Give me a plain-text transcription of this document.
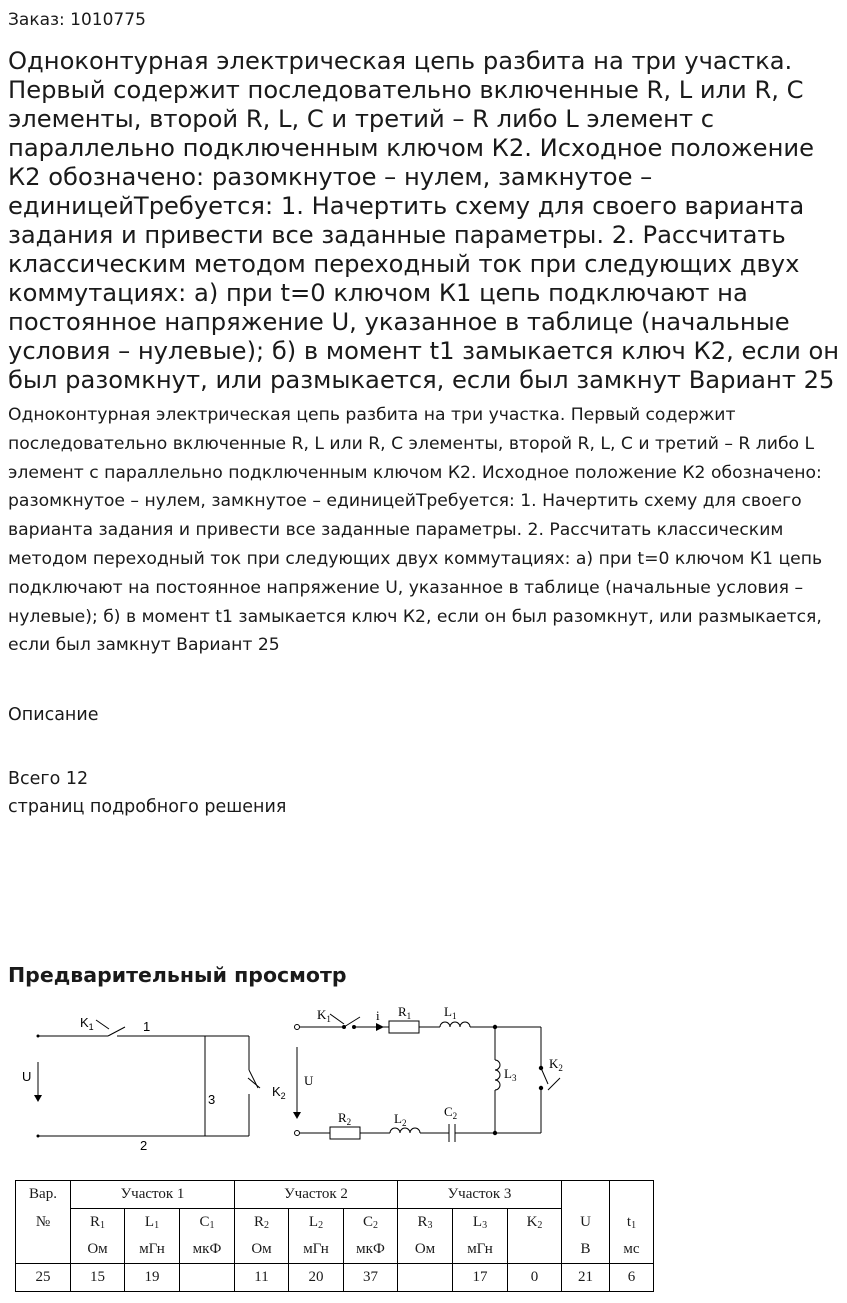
Заказ: 1010775
Одноконтурная электрическая цепь разбита на три участка. Первый содержит последовательно включенные R, L или R, C элементы, второй R, L, C и третий – R либо L элемент с параллельно подключенным ключом К2. Исходное положение К2 обозначено: разомкнутое – нулем, замкнутое – единицейТребуется: 1. Начертить схему для своего варианта задания и привести все заданные параметры. 2. Рассчитать классическим методом переходный ток при следующих двух коммутациях: а) при t=0 ключом К1 цепь подключают на постоянное напряжение U, указанное в таблице (начальные условия – нулевые); б) в момент t1 замыкается ключ К2, если он был разомкнут, или размыкается, если был замкнут Вариант 25

Одноконтурная электрическая цепь разбита на три участка. Первый содержит последовательно включенные R, L или R, C элементы, второй R, L, C и третий – R либо L элемент с параллельно подключенным ключом К2. Исходное положение К2 обозначено: разомкнутое – нулем, замкнутое – единицейТребуется: 1. Начертить схему для своего варианта задания и привести все заданные параметры. 2. Рассчитать классическим методом переходный ток при следующих двух коммутациях: а) при t=0 ключом К1 цепь подключают на постоянное напряжение U, указанное в таблице (начальные условия – нулевые); б) в момент t1 замыкается ключ К2, если он был разомкнут, или размыкается, если был замкнут Вариант 25

Описание
Всего 12
страниц подробного решения
Предварительный просмотр
$K_1$	1
U
3
$K_2$
2
$K_1$	i $R_1$	$L_1$
U	$L_3$
$K_2$
$R_2$	$L_2$
$C_2$
Вар.	Участок 1			Участок 2			Участок 3				
№	$R_1$	$L_1$	$C_1$	$R_2$	$L_2$	$C_2$	$R_3$	$L_3$	$K_2$	U	$t_1$
	Ом	мГн	мкФ	Ом	мГн	мкФ	Ом	мГн		В	мс
25	15	19		11	20	37		17	0	21	6
